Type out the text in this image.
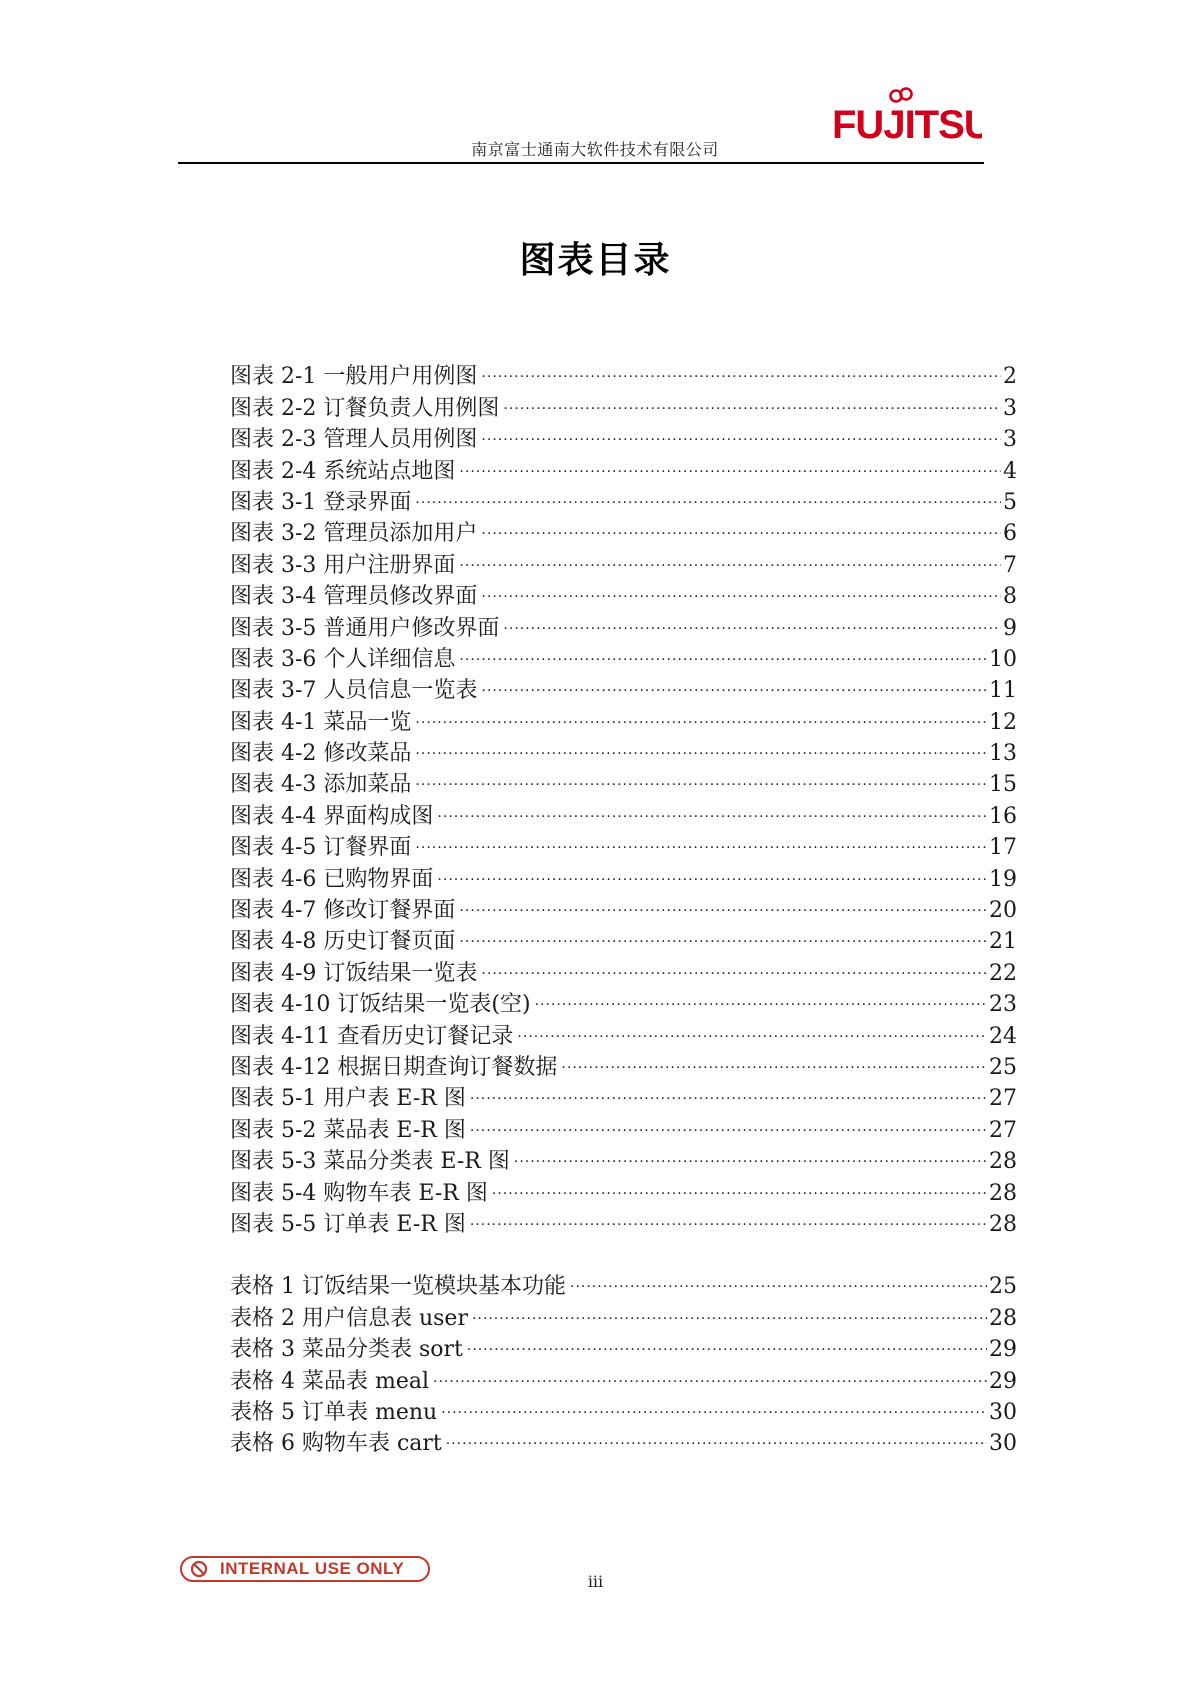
南京富士通南大软件技术有限公司
FUJITSU
图表目录
图表 2-1 一般用户用例图 .....	2
图表 2-2 订餐负责人用例图 .....	3
图表 2-3 管理人员用例图 .....	3
图表 2-4 系统站点地图 .....	4
图表 3-1 登录界面 .....	5
图表 3-2 管理员添加用户 .....	6
图表 3-3 用户注册界面 .....	7
图表 3-4 管理员修改界面 .....	8
图表 3-5 普通用户修改界面 .....	9
图表 3-6 个人详细信息 .....	10
图表 3-7 人员信息一览表 .....	11
图表 4-1 菜品一览 .....	12
图表 4-2 修改菜品 .....	13
图表 4-3 添加菜品 .....	15
图表 4-4 界面构成图 .....	16
图表 4-5 订餐界面 .....	17
图表 4-6 已购物界面 .....	19
图表 4-7 修改订餐界面 .....	20
图表 4-8 历史订餐页面 .....	21
图表 4-9 订饭结果一览表 .....	22
图表 4-10 订饭结果一览表(空) .....	23
图表 4-11 查看历史订餐记录 .....	24
图表 4-12 根据日期查询订餐数据 .....	25
图表 5-1 用户表 E-R 图 .....	27
图表 5-2 菜品表 E-R 图 .....	27
图表 5-3 菜品分类表 E-R 图 .....	28
图表 5-4 购物车表 E-R 图 .....	28
图表 5-5 订单表 E-R 图 .....	28
表格 1 订饭结果一览模块基本功能 .....	25
表格 2 用户信息表 user .....	28
表格 3 菜品分类表 sort .....	29
表格 4 菜品表 meal .....	29
表格 5 订单表 menu .....	30
表格 6 购物车表 cart .....	30
INTERNAL USE ONLY
iii
